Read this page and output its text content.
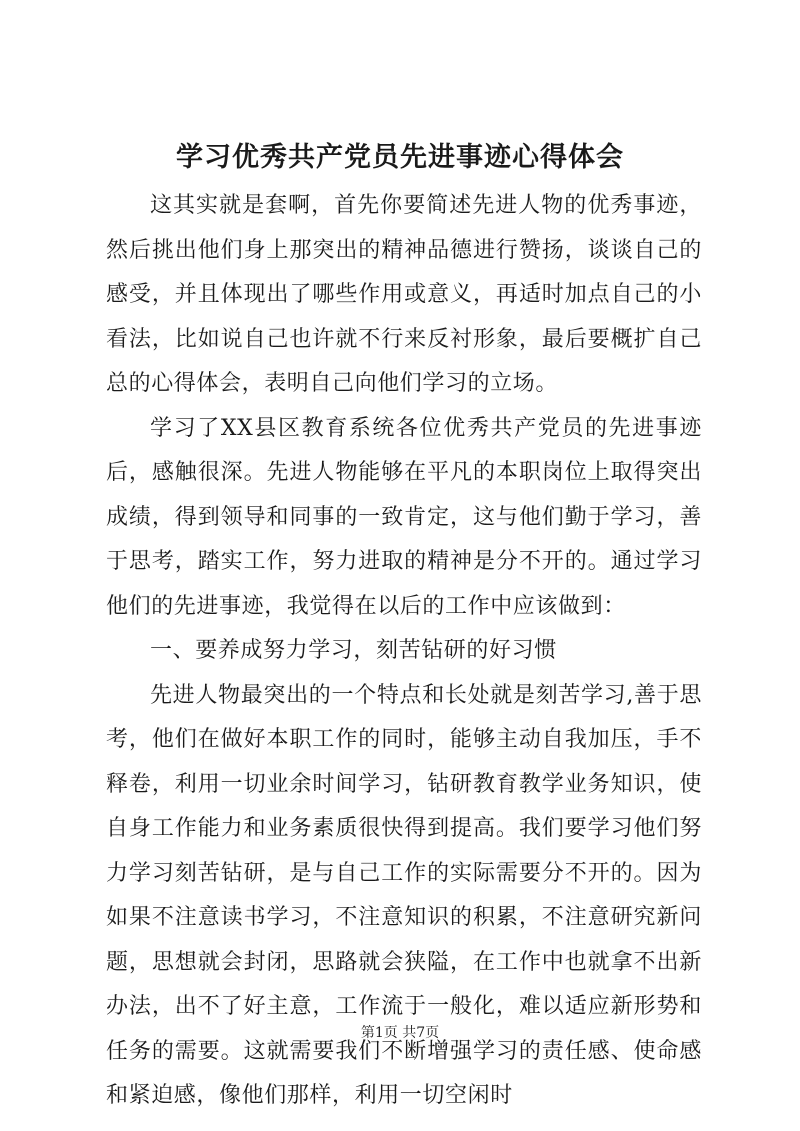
学习优秀共产党员先进事迹心得体会

这其实就是套啊，首先你要简述先进人物的优秀事迹，然后挑出他们身上那突出的精神品德进行赞扬，谈谈自己的感受，并且体现出了哪些作用或意义，再适时加点自己的小看法，比如说自己也许就不行来反衬形象，最后要概扩自己总的心得体会，表明自己向他们学习的立场。

学习了XX县区教育系统各位优秀共产党员的先进事迹后，感触很深。先进人物能够在平凡的本职岗位上取得突出成绩，得到领导和同事的一致肯定，这与他们勤于学习，善于思考，踏实工作，努力进取的精神是分不开的。通过学习他们的先进事迹，我觉得在以后的工作中应该做到：

一、要养成努力学习，刻苦钻研的好习惯

先进人物最突出的一个特点和长处就是刻苦学习,善于思考，他们在做好本职工作的同时，能够主动自我加压，手不释卷，利用一切业余时间学习，钻研教育教学业务知识，使自身工作能力和业务素质很快得到提高。我们要学习他们努力学习刻苦钻研，是与自己工作的实际需要分不开的。因为如果不注意读书学习，不注意知识的积累，不注意研究新问题，思想就会封闭，思路就会狭隘，在工作中也就拿不出新办法，出不了好主意，工作流于一般化，难以适应新形势和任务的需要。这就需要我们不断增强学习的责任感、使命感和紧迫感，像他们那样，利用一切空闲时

第1页 共7页
